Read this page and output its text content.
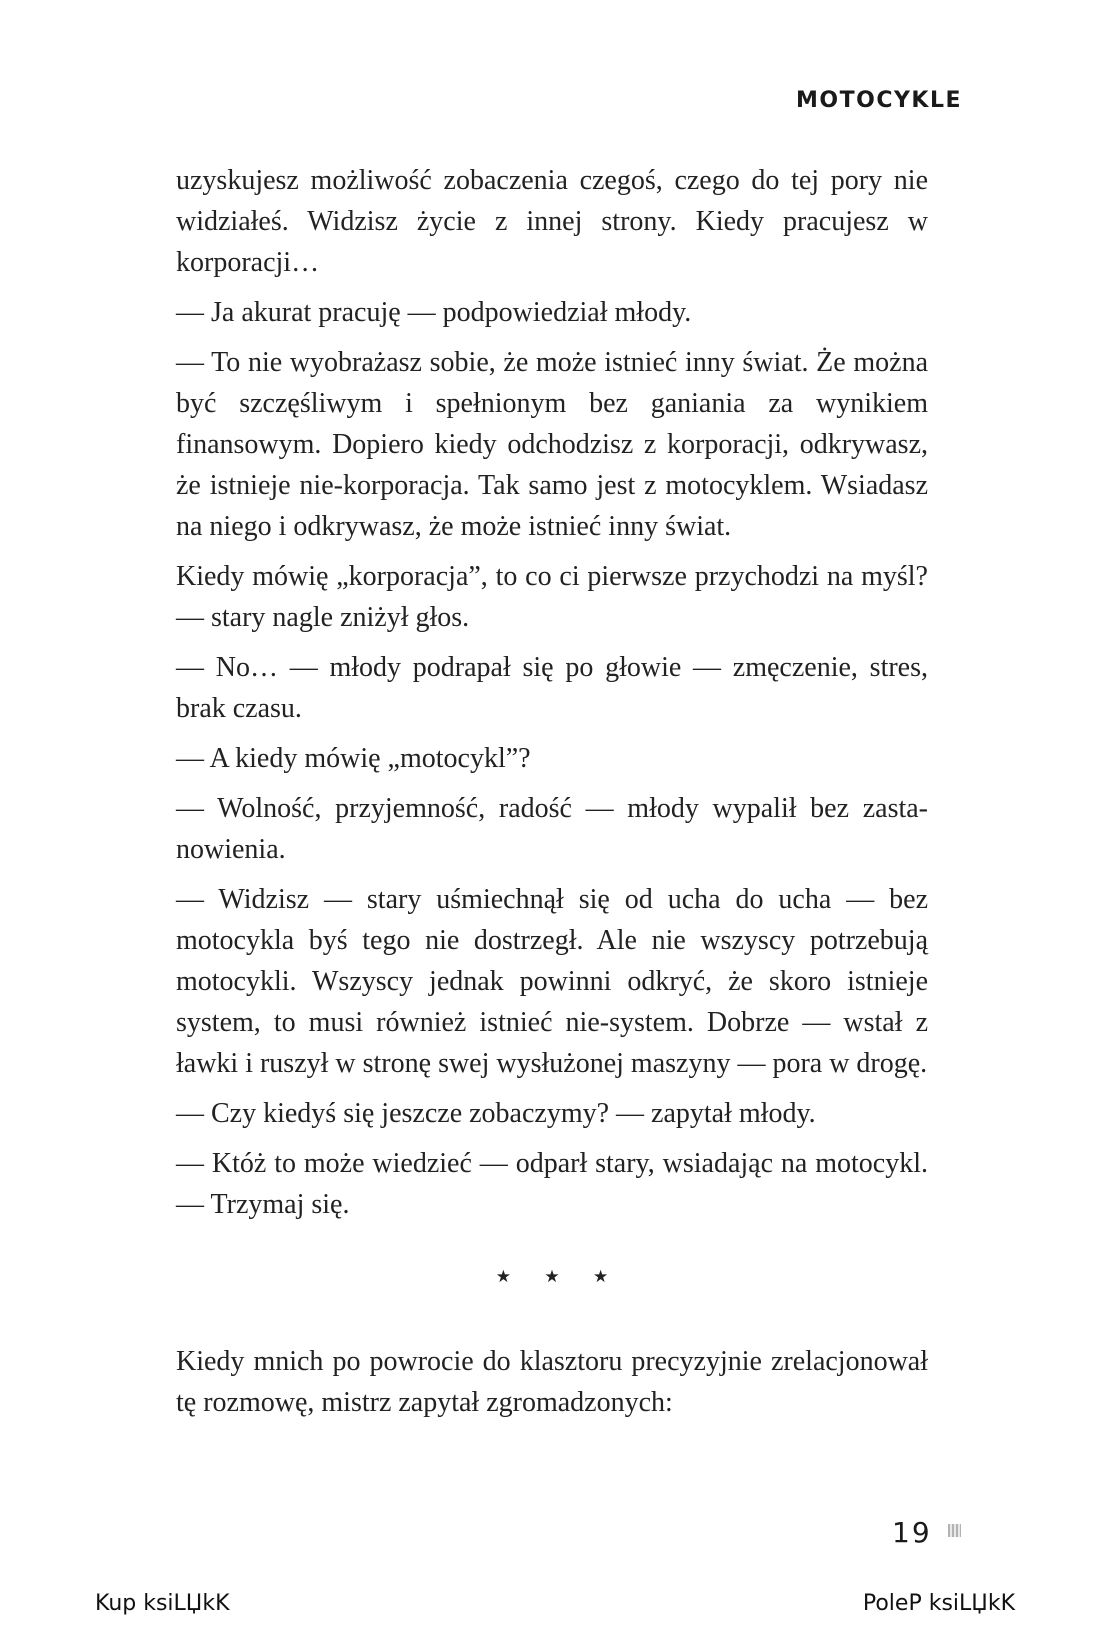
MOTOCYKLE

uzyskujesz możliwość zobaczenia czegoś, czego do tej pory nie widziałeś. Widzisz życie z innej strony. Kiedy pracujesz w korporacji…

— Ja akurat pracuję — podpowiedział młody.

— To nie wyobrażasz sobie, że może istnieć inny świat. Że można być szczęśliwym i spełnionym bez ganiania za wynikiem finansowym. Dopiero kiedy odchodzisz z korporacji, odkrywasz, że istnieje nie-korporacja. Tak samo jest z motocyklem. Wsiadasz na niego i odkrywasz, że może istnieć inny świat.

Kiedy mówię „korporacja”, to co ci pierwsze przychodzi na myśl? — stary nagle zniżył głos.

— No… — młody podrapał się po głowie — zmęczenie, stres, brak czasu.

— A kiedy mówię „motocykl”?

— Wolność, przyjemność, radość — młody wypalił bez zastanowienia.

— Widzisz — stary uśmiechnął się od ucha do ucha — bez motocykla byś tego nie dostrzegł. Ale nie wszyscy potrzebują motocykli. Wszyscy jednak powinni odkryć, że skoro istnieje system, to musi również istnieć nie-system. Dobrze — wstał z ławki i ruszył w stronę swej wysłużonej maszyny — pora w drogę.

— Czy kiedyś się jeszcze zobaczymy? — zapytał młody.

— Któż to może wiedzieć — odparł stary, wsiadając na motocykl. — Trzymaj się.

★ ★ ★

Kiedy mnich po powrocie do klasztoru precyzyjnie zrelacjonował tę rozmowę, mistrz zapytał zgromadzonych:

19
Kup ksiLЏkK	PoleP ksiLЏkK
